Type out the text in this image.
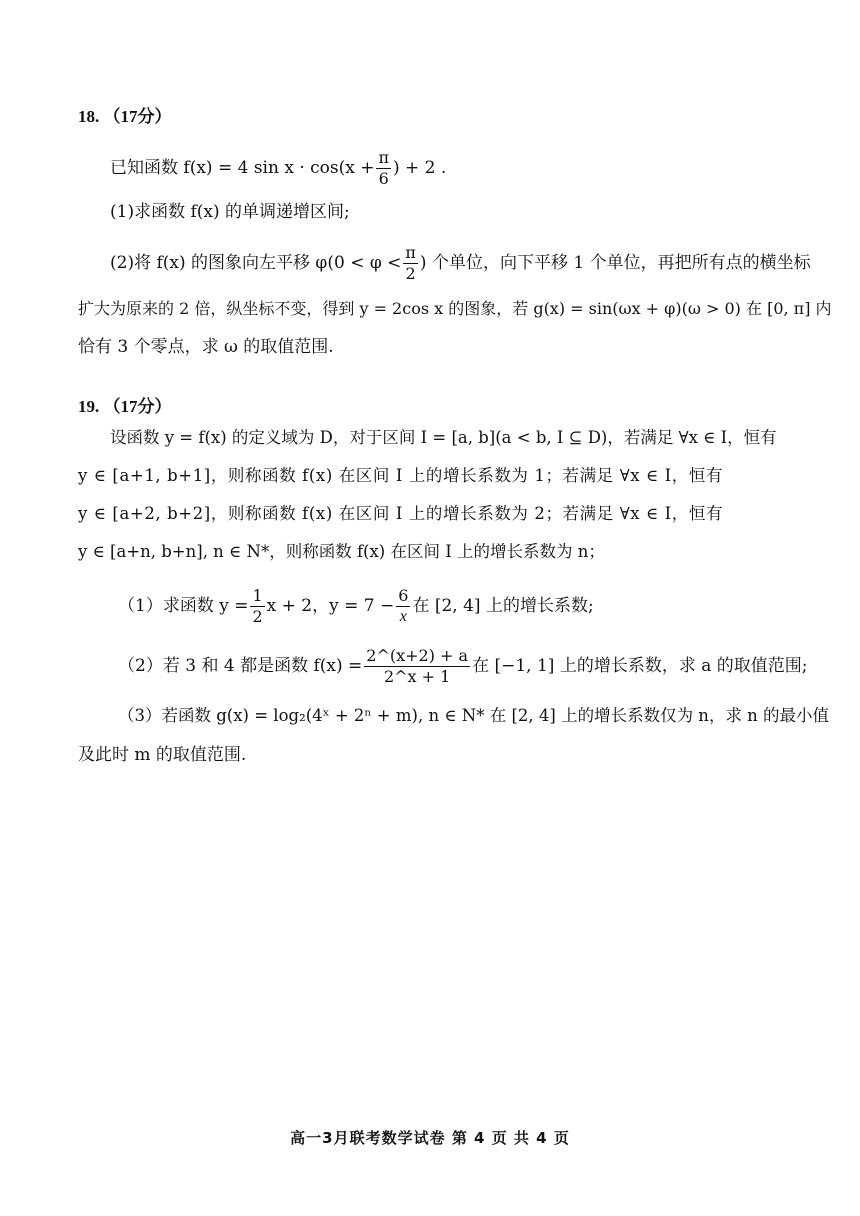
18. （17分）
已知函数 f(x) = 4 $\sin x \cdot \cos(x + \frac{\pi}{6}$ ) + 2 .
(1)求函数 f(x) 的单调递增区间;
(2)将 f(x) 的图象向左平移 $\varphi(0 < \varphi < \frac{\pi}{2}$ ) 个单位，向下平移 1 个单位，再把所有点的横坐标
扩大为原来的 2 倍，纵坐标不变，得到 y = 2cos x 的图象，若 g(x) = sin(ωx + φ)(ω > 0) 在 [0, π] 内
恰有 3 个零点，求 ω 的取值范围.
19. （17分）
设函数 y = f(x) 的定义域为 D，对于区间 I = [a, b](a < b, I ⊆ D)，若满足 ∀x ∈ I，恒有
y ∈ [a+1, b+1]，则称函数 f(x) 在区间 I 上的增长系数为 1；若满足 ∀x ∈ I，恒有
y ∈ [a+2, b+2]，则称函数 f(x) 在区间 I 上的增长系数为 2；若满足 ∀x ∈ I，恒有
y ∈ [a+n, b+n], n ∈ N*，则称函数 f(x) 在区间 I 上的增长系数为 n；
（1）求函数 $y = \frac{1}{2}$ x + 2，$y = 7 - \frac{6}{x}$ 在 [2, 4] 上的增长系数;
（2）若 3 和 4 都是函数 $f(x) = \frac{2\^{}(x+2) + a}{2\^{}x + 1}$ 在 [−1, 1] 上的增长系数，求 a 的取值范围;
（3）若函数 g(x) = log₂(4ˣ + 2ⁿ + m), n ∈ N* 在 [2, 4] 上的增长系数仅为 n，求 n 的最小值
及此时 m 的取值范围.
高一3月联考数学试卷 第 4 页 共 4 页
